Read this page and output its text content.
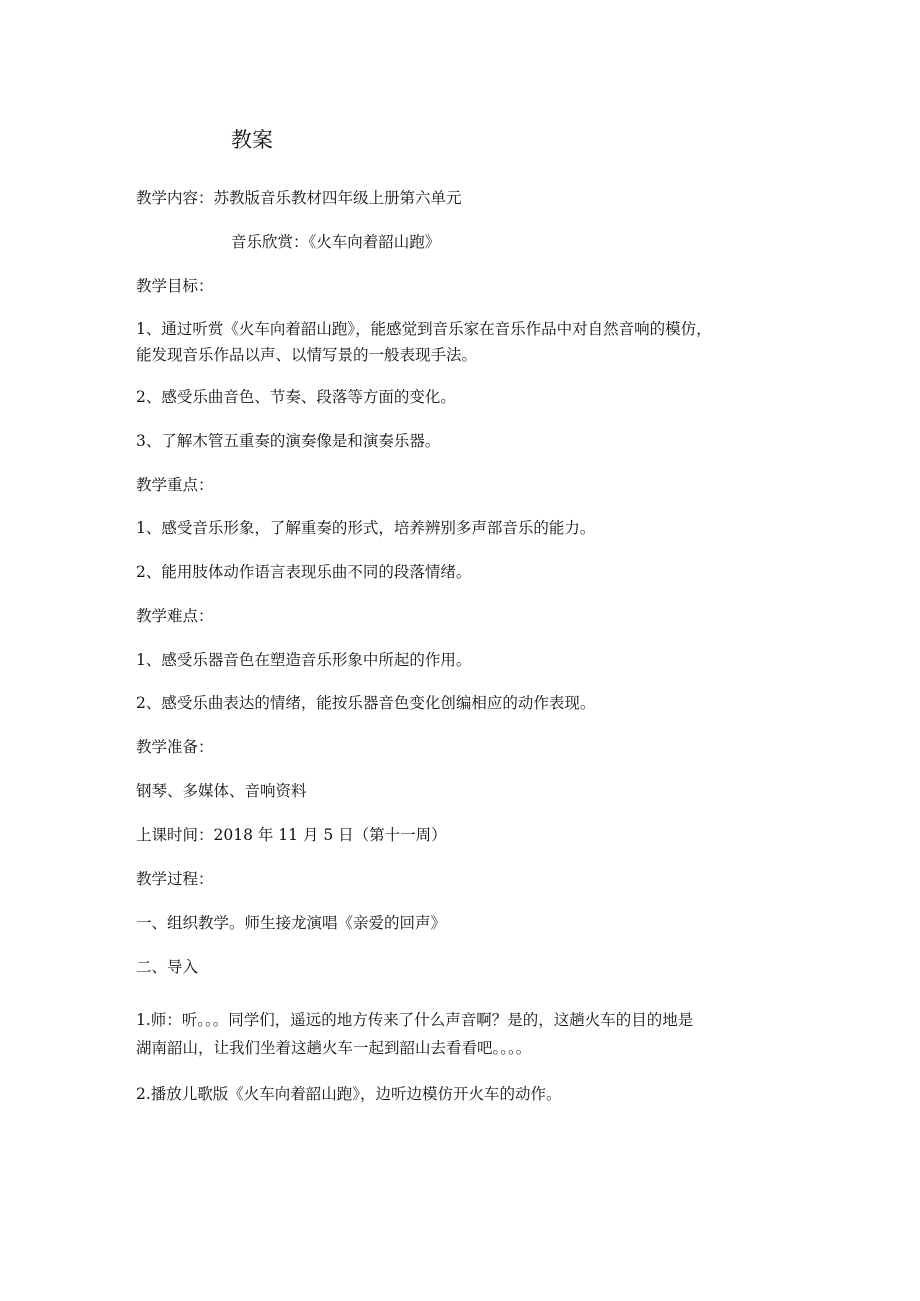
教案
教学内容：苏教版音乐教材四年级上册第六单元
音乐欣赏：《火车向着韶山跑》
教学目标：
1、通过听赏《火车向着韶山跑》，能感觉到音乐家在音乐作品中对自然音响的模仿，
能发现音乐作品以声、以情写景的一般表现手法。
2、感受乐曲音色、节奏、段落等方面的变化。
3、了解木管五重奏的演奏像是和演奏乐器。
教学重点：
1、感受音乐形象，了解重奏的形式，培养辨别多声部音乐的能力。
2、能用肢体动作语言表现乐曲不同的段落情绪。
教学难点：
1、感受乐器音色在塑造音乐形象中所起的作用。
2、感受乐曲表达的情绪，能按乐器音色变化创编相应的动作表现。
教学准备：
钢琴、多媒体、音响资料
上课时间：2018 年 11 月 5 日（第十一周）
教学过程：
一、组织教学。师生接龙演唱《亲爱的回声》
二、导入
1.师：听。。。同学们，遥远的地方传来了什么声音啊？是的，这趟火车的目的地是
湖南韶山，让我们坐着这趟火车一起到韶山去看看吧。。。。
2.播放儿歌版《火车向着韶山跑》，边听边模仿开火车的动作。
